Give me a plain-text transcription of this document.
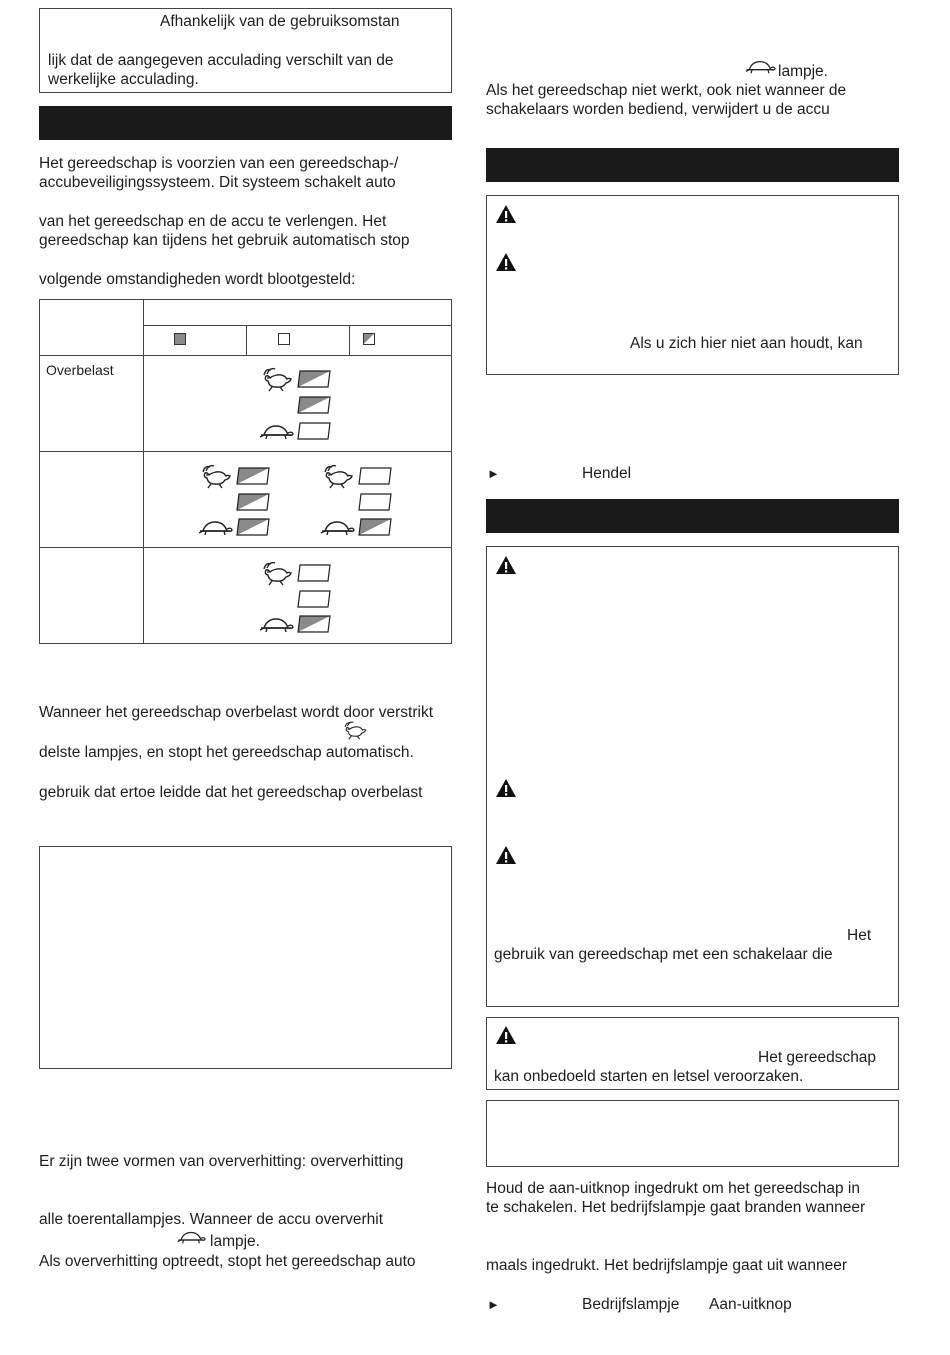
Afhankelijk van de gebruiksomstan
lijk dat de aangegeven acculading verschilt van de
werkelijke acculading.
Het gereedschap is voorzien van een gereedschap-/
accubeveiligingssysteem. Dit systeem schakelt auto
van het gereedschap en de accu te verlengen. Het
gereedschap kan tijdens het gebruik automatisch stop
volgende omstandigheden wordt blootgesteld:

Overbelast			

Wanneer het gereedschap overbelast wordt door verstrikt
delste lampjes, en stopt het gereedschap automatisch.
gebruik dat ertoe leidde dat het gereedschap overbelast
Er zijn twee vormen van oververhitting: oververhitting
alle toerentallampjes. Wanneer de accu oververhit
lampje.
Als oververhitting optreedt, stopt het gereedschap auto
lampje.
Als het gereedschap niet werkt, ook niet wanneer de
schakelaars worden bediend, verwijdert u de accu
Als u zich hier niet aan houdt, kan
►	Hendel
Het
gebruik van gereedschap met een schakelaar die
Het gereedschap
kan onbedoeld starten en letsel veroorzaken.
Houd de aan-uitknop ingedrukt om het gereedschap in
te schakelen. Het bedrijfslampje gaat branden wanneer
maals ingedrukt. Het bedrijfslampje gaat uit wanneer
►	Bedrijfslampje Aan-uitknop
